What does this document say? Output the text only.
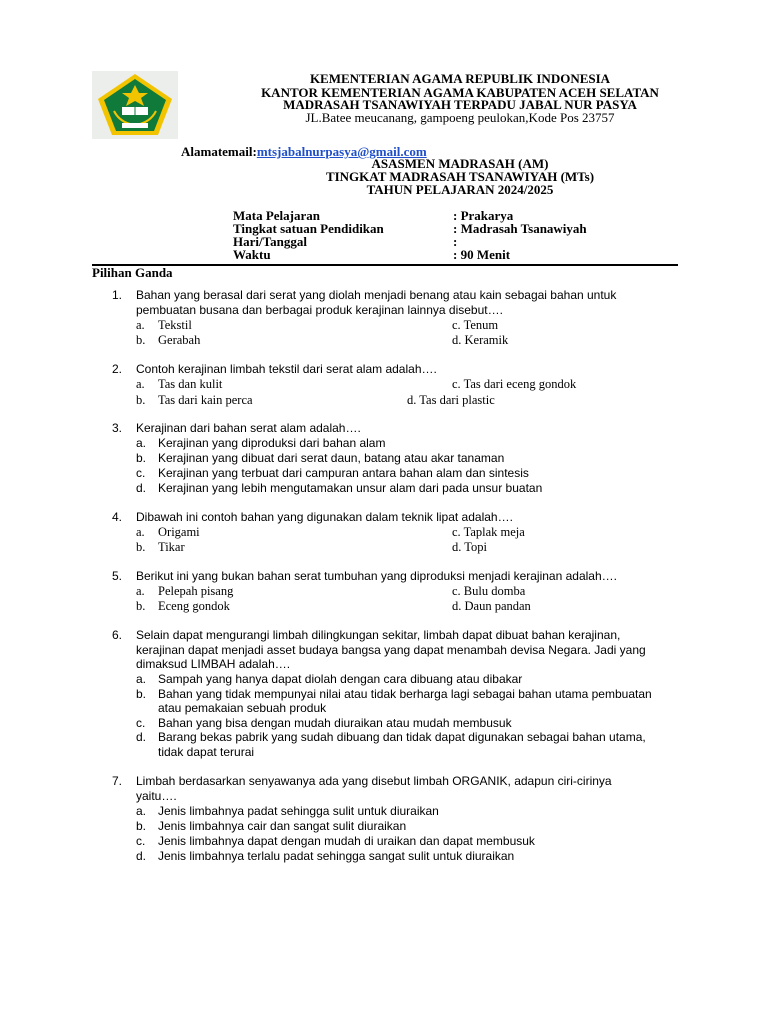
KEMENTERIAN AGAMA REPUBLIK INDONESIA
KANTOR KEMENTERIAN AGAMA KABUPATEN ACEH SELATAN
MADRASAH TSANAWIYAH TERPADU JABAL NUR PASYA
JL.Batee meucanang, gampoeng peulokan,Kode Pos 23757
Alamatemail:mtsjabalnurpasya@gmail.com
ASASMEN MADRASAH (AM)
TINGKAT MADRASAH TSANAWIYAH (MTs)
TAHUN PELAJARAN 2024/2025
Mata Pelajaran	: Prakarya
Tingkat satuan Pendidikan	: Madrasah Tsanawiyah
Hari/Tanggal	:
Waktu	: 90 Menit
Pilihan Ganda
1. Bahan yang berasal dari serat yang diolah menjadi benang atau kain sebagai bahan untuk
pembuatan busana dan berbagai produk kerajinan lainnya disebut….
a. Tekstil	c. Tenum
b. Gerabah	d. Keramik
2. Contoh kerajinan limbah tekstil dari serat alam adalah….
a. Tas dan kulit	c. Tas dari eceng gondok
b. Tas dari kain perca	d. Tas dari plastic
3. Kerajinan dari bahan serat alam adalah….
a. Kerajinan yang diproduksi dari bahan alam
b. Kerajinan yang dibuat dari serat daun, batang atau akar tanaman
c. Kerajinan yang terbuat dari campuran antara bahan alam dan sintesis
d. Kerajinan yang lebih mengutamakan unsur alam dari pada unsur buatan
4. Dibawah ini contoh bahan yang digunakan dalam teknik lipat adalah….
a. Origami	c. Taplak meja
b. Tikar	d. Topi
5. Berikut ini yang bukan bahan serat tumbuhan yang diproduksi menjadi kerajinan adalah….
a. Pelepah pisang	c. Bulu domba
b. Eceng gondok	d. Daun pandan
6. Selain dapat mengurangi limbah dilingkungan sekitar, limbah dapat dibuat bahan kerajinan,
kerajinan dapat menjadi asset budaya bangsa yang dapat menambah devisa Negara. Jadi yang
dimaksud LIMBAH adalah….
a. Sampah yang hanya dapat diolah dengan cara dibuang atau dibakar
b. Bahan yang tidak mempunyai nilai atau tidak berharga lagi sebagai bahan utama pembuatan
atau pemakaian sebuah produk
c. Bahan yang bisa dengan mudah diuraikan atau mudah membusuk
d. Barang bekas pabrik yang sudah dibuang dan tidak dapat digunakan sebagai bahan utama,
tidak dapat terurai
7. Limbah berdasarkan senyawanya ada yang disebut limbah ORGANIK, adapun ciri-cirinya
yaitu….
a. Jenis limbahnya padat sehingga sulit untuk diuraikan
b. Jenis limbahnya cair dan sangat sulit diuraikan
c. Jenis limbahnya dapat dengan mudah di uraikan dan dapat membusuk
d. Jenis limbahnya terlalu padat sehingga sangat sulit untuk diuraikan
